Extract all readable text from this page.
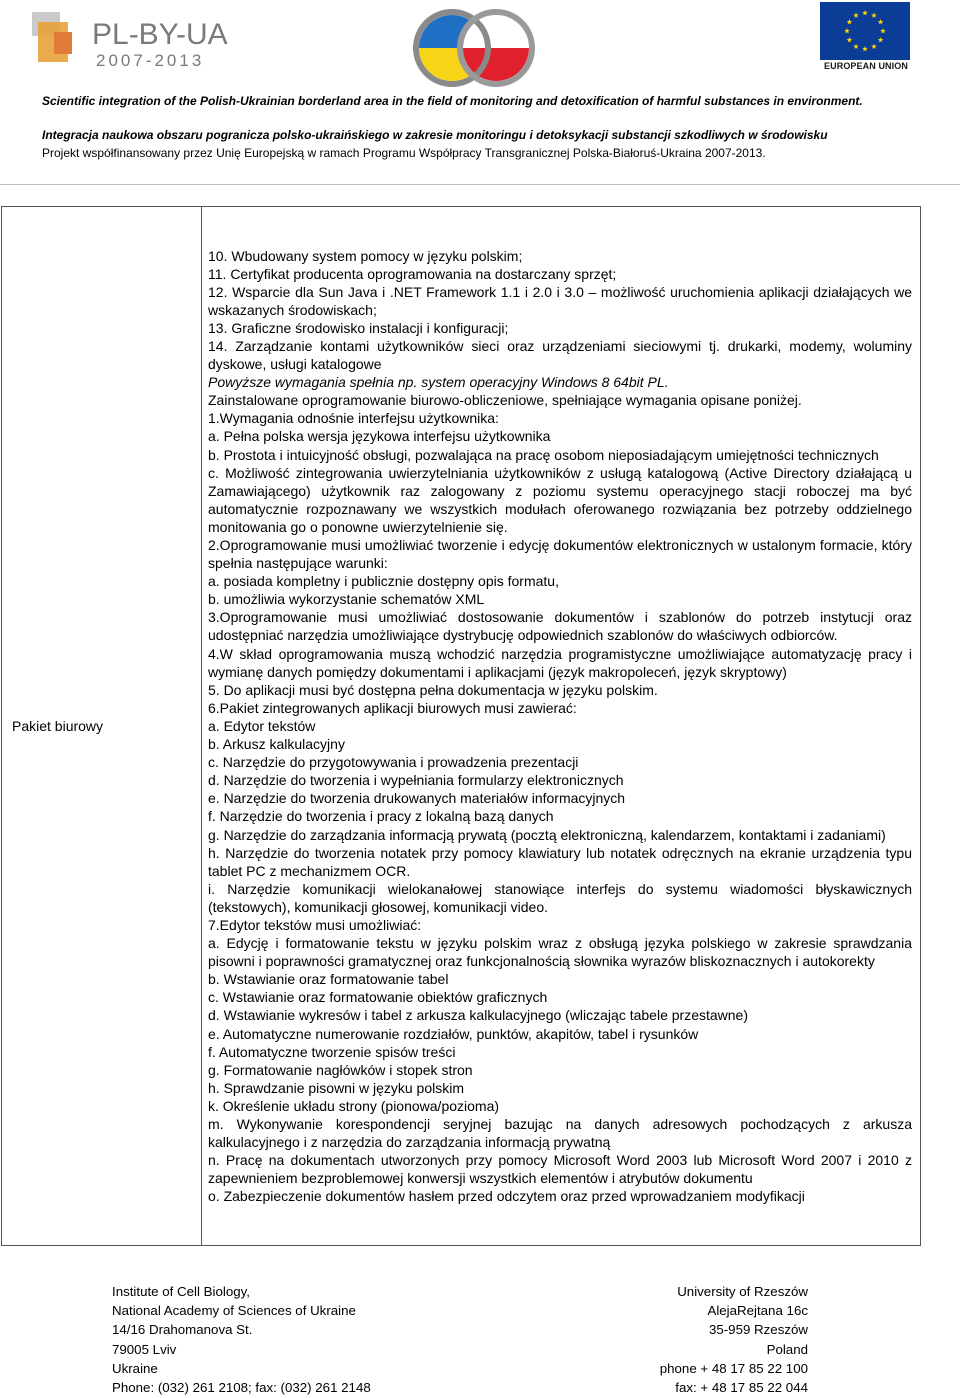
PL-BY-UA
2007-2013	EUROPEAN UNION
Scientific integration of the Polish-Ukrainian borderland area in the field of monitoring and detoxification of harmful substances in environment.
Integracja naukowa obszaru pogranicza polsko-ukraińskiego w zakresie monitoringu i detoksykacji substancji szkodliwych w środowisku
Projekt współfinansowany przez Unię Europejską w ramach Programu Współpracy Transgranicznej Polska-Białoruś-Ukraina 2007-2013.
Pakiet biurowy	

10. Wbudowany system pomocy w języku polskim;

11. Certyfikat producenta oprogramowania na dostarczany sprzęt;

12. Wsparcie dla Sun Java i .NET Framework 1.1 i 2.0 i 3.0 – możliwość uruchomienia aplikacji działających we wskazanych środowiskach;

13. Graficzne środowisko instalacji i konfiguracji;

14. Zarządzanie kontami użytkowników sieci oraz urządzeniami sieciowymi tj. drukarki, modemy, woluminy dyskowe, usługi katalogowe

Powyższe wymagania spełnia np. system operacyjny Windows 8 64bit PL.

Zainstalowane oprogramowanie biurowo-obliczeniowe, spełniające wymagania opisane poniżej.

1.Wymagania odnośnie interfejsu użytkownika:

a. Pełna polska wersja językowa interfejsu użytkownika

b. Prostota i intuicyjność obsługi, pozwalająca na pracę osobom nieposiadającym umiejętności technicznych

c. Możliwość zintegrowania uwierzytelniania użytkowników z usługą katalogową (Active Directory działającą u Zamawiającego) użytkownik raz zalogowany z poziomu systemu operacyjnego stacji roboczej ma być automatycznie rozpoznawany we wszystkich modułach oferowanego rozwiązania bez potrzeby oddzielnego monitowania go o ponowne uwierzytelnienie się.

2.Oprogramowanie musi umożliwiać tworzenie i edycję dokumentów elektronicznych w ustalonym formacie, który spełnia następujące warunki:

a. posiada kompletny i publicznie dostępny opis formatu,

b. umożliwia wykorzystanie schematów XML

3.Oprogramowanie musi umożliwiać dostosowanie dokumentów i szablonów do potrzeb instytucji oraz udostępniać narzędzia umożliwiające dystrybucję odpowiednich szablonów do właściwych odbiorców.

4.W skład oprogramowania muszą wchodzić narzędzia programistyczne umożliwiające automatyzację pracy i wymianę danych pomiędzy dokumentami i aplikacjami (język makropoleceń, język skryptowy)

5. Do aplikacji musi być dostępna pełna dokumentacja w języku polskim.

6.Pakiet zintegrowanych aplikacji biurowych musi zawierać:

a. Edytor tekstów

b. Arkusz kalkulacyjny

c. Narzędzie do przygotowywania i prowadzenia prezentacji

d. Narzędzie do tworzenia i wypełniania formularzy elektronicznych

e. Narzędzie do tworzenia drukowanych materiałów informacyjnych

f. Narzędzie do tworzenia i pracy z lokalną bazą danych

g. Narzędzie do zarządzania informacją prywatą (pocztą elektroniczną, kalendarzem, kontaktami i zadaniami)

h. Narzędzie do tworzenia notatek przy pomocy klawiatury lub notatek odręcznych na ekranie urządzenia typu tablet PC z mechanizmem OCR.

i. Narzędzie komunikacji wielokanałowej stanowiące interfejs do systemu wiadomości błyskawicznych (tekstowych), komunikacji głosowej, komunikacji video.

7.Edytor tekstów musi umożliwiać:

a. Edycję i formatowanie tekstu w języku polskim wraz z obsługą języka polskiego w zakresie sprawdzania pisowni i poprawności gramatycznej oraz funkcjonalnością słownika wyrazów bliskoznacznych i autokorekty

b. Wstawianie oraz formatowanie tabel

c. Wstawianie oraz formatowanie obiektów graficznych

d. Wstawianie wykresów i tabel z arkusza kalkulacyjnego (wliczając tabele przestawne)

e. Automatyczne numerowanie rozdziałów, punktów, akapitów, tabel i rysunków

f. Automatyczne tworzenie spisów treści

g. Formatowanie nagłówków i stopek stron

h. Sprawdzanie pisowni w języku polskim

k. Określenie układu strony (pionowa/pozioma)

m. Wykonywanie korespondencji seryjnej bazując na danych adresowych pochodzących z arkusza kalkulacyjnego i z narzędzia do zarządzania informacją prywatną

n. Pracę na dokumentach utworzonych przy pomocy Microsoft Word 2003 lub Microsoft Word 2007 i 2010 z zapewnieniem bezproblemowej konwersji wszystkich elementów i atrybutów dokumentu

o. Zabezpieczenie dokumentów hasłem przed odczytem oraz przed wprowadzaniem modyfikacji

Institute of Cell Biology,
National Academy of Sciences of Ukraine
14/16 Drahomanova St.
79005 Lviv
Ukraine
Phone: (032) 261 2108; fax: (032) 261 2148
University of Rzeszów
AlejaRejtana 16c
35-959 Rzeszów
Poland
phone + 48 17 85 22 100
fax: + 48 17 85 22 044
